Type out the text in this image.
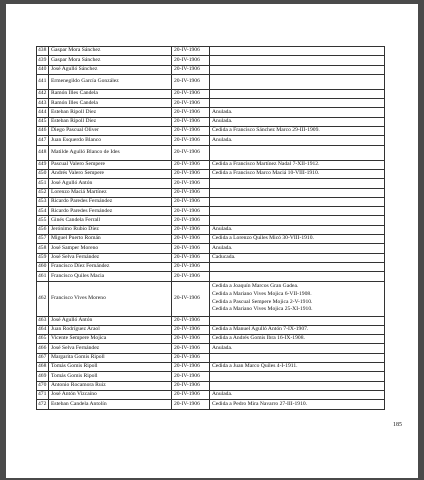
438	Gaspar Mora Sánchez	20-IV-1906	
439	Gaspar Mora Sánchez	20-IV-1906	
440	José Agulló Sánchez	20-IV-1906	
441	Ermenegildo García González	20-IV-1906	
442	Ramón Illes Candela	20-IV-1906	
443	Ramón Illes Candela	20-IV-1906	
444	Esteban Ripoll Díez	20-IV-1906	Anulada.

445	Esteban Ripoll Díez	20-IV-1906	Anulada.

446	Diego Pascual Oliver	20-IV-1906	Cedida a Francisco Sánchez Marco 29-III-1909.

447	Juan Esquerdo Blanco	20-IV-1906	Anulada.

448	Matilde Agulló Blanco de Ides	20-IV-1906	
449	Pascual Valero Sempere	20-IV-1906	Cedida a Francisco Martínez Nadal 7-XII-1912.

450	Andrés Valero Sempere	20-IV-1906	Cedida a Francisco Marco Maciá 10-VIII-1910.

451	José Agulló Antón	20-IV-1906	
452	Lorenzo Maciá Martínez	20-IV-1906	
453	Ricardo Paredes Fernández	20-IV-1906	
454	Ricardo Paredes Fernández	20-IV-1906	
455	Ginés Candela Ferrall	20-IV-1906	
456	Jerónimo Rubio Díez	20-IV-1906	Anulada.

457	Miguel Puerto Román	20-IV-1906	Cedida a Lorenzo Quiles Micó 30-VIII-1910.

458	José Samper Moreno	20-IV-1906	Anulada.

459	José Selva Fernández	20-IV-1906	Caducada.

460	Francisco Díez Fernández	20-IV-1906	
461	Francisco Quiles Macia	20-IV-1906	
462	Francisco Vives Moreno	20-IV-1906	Cedida a Joaquín Marcos Gran Gadea.
Cedida a Mariano Vives Mojica 6-VII-1908.
Cedida a Pascual Sempere Mojica 2-V-1910.
Cedida a Mariano Vives Mojica 25-XI-1910.

463	José Agulló Antón	20-IV-1906	
464	Juan Rodríguez Araol	20-IV-1906	Cedida a Manuel Agulló Antón 7-IX-1907.

465	Vicente Sempere Mojica	20-IV-1906	Cedida a Andrés Gomis Ibra 16-IX-1908.

466	José Selva Fernández	20-IV-1906	Anulada.

467	Margarita Gomis Ripoll	20-IV-1906	
468	Tomás Gomis Ripoll	20-IV-1906	Cedida a Juan Marco Quiles 4-I-1911.

469	Tomás Gomis Ripoll	20-IV-1906	
470	Antonio Rocamora Ruiz	20-IV-1906	
471	José Antón Vizcaíno	20-IV-1906	Anulada.

472	Esteban Candela Antolín	20-IV-1906	Cedida a Pedro Mira Navarro 27-III-1910.
185
